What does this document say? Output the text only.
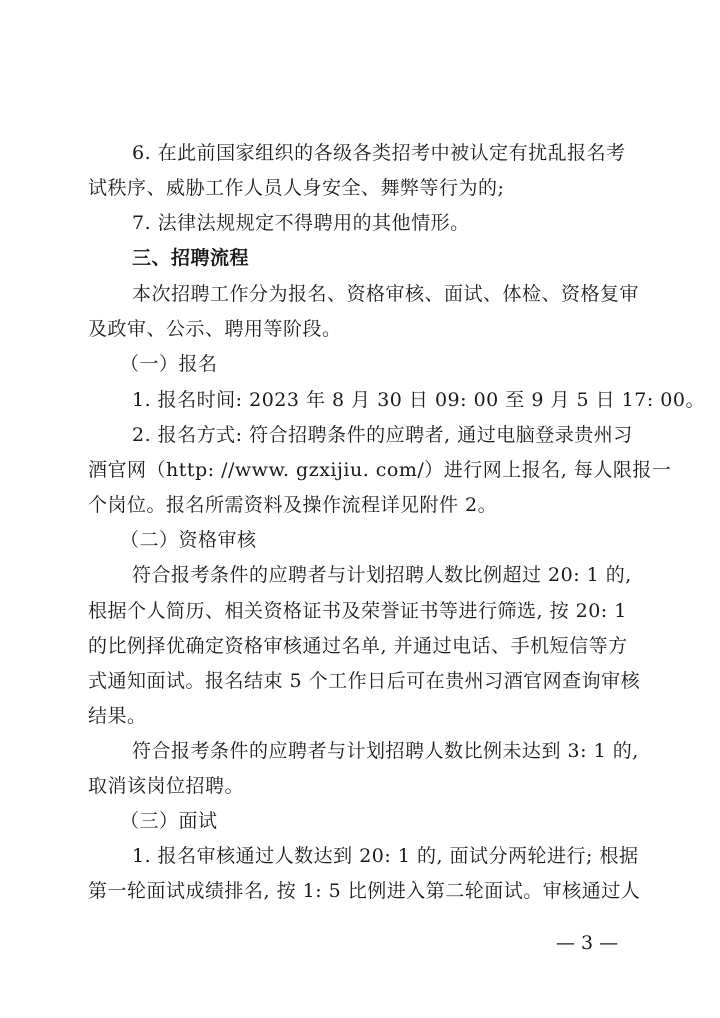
6. 在此前国家组织的各级各类招考中被认定有扰乱报名考
试秩序、威胁工作人员人身安全、舞弊等行为的;
7. 法律法规规定不得聘用的其他情形。
三、招聘流程
本次招聘工作分为报名、资格审核、面试、体检、资格复审
及政审、公示、聘用等阶段。
（一）报名
1. 报名时间: 2023 年 8 月 30 日 09: 00 至 9 月 5 日 17: 00。
2. 报名方式: 符合招聘条件的应聘者, 通过电脑登录贵州习
酒官网（http: //www. gzxijiu. com/）进行网上报名, 每人限报一
个岗位。报名所需资料及操作流程详见附件 2。
（二）资格审核
符合报考条件的应聘者与计划招聘人数比例超过 20: 1 的,
根据个人简历、相关资格证书及荣誉证书等进行筛选, 按 20: 1
的比例择优确定资格审核通过名单, 并通过电话、手机短信等方
式通知面试。报名结束 5 个工作日后可在贵州习酒官网查询审核
结果。
符合报考条件的应聘者与计划招聘人数比例未达到 3: 1 的,
取消该岗位招聘。
（三）面试
1. 报名审核通过人数达到 20: 1 的, 面试分两轮进行; 根据
第一轮面试成绩排名, 按 1: 5 比例进入第二轮面试。审核通过人
— 3 —
